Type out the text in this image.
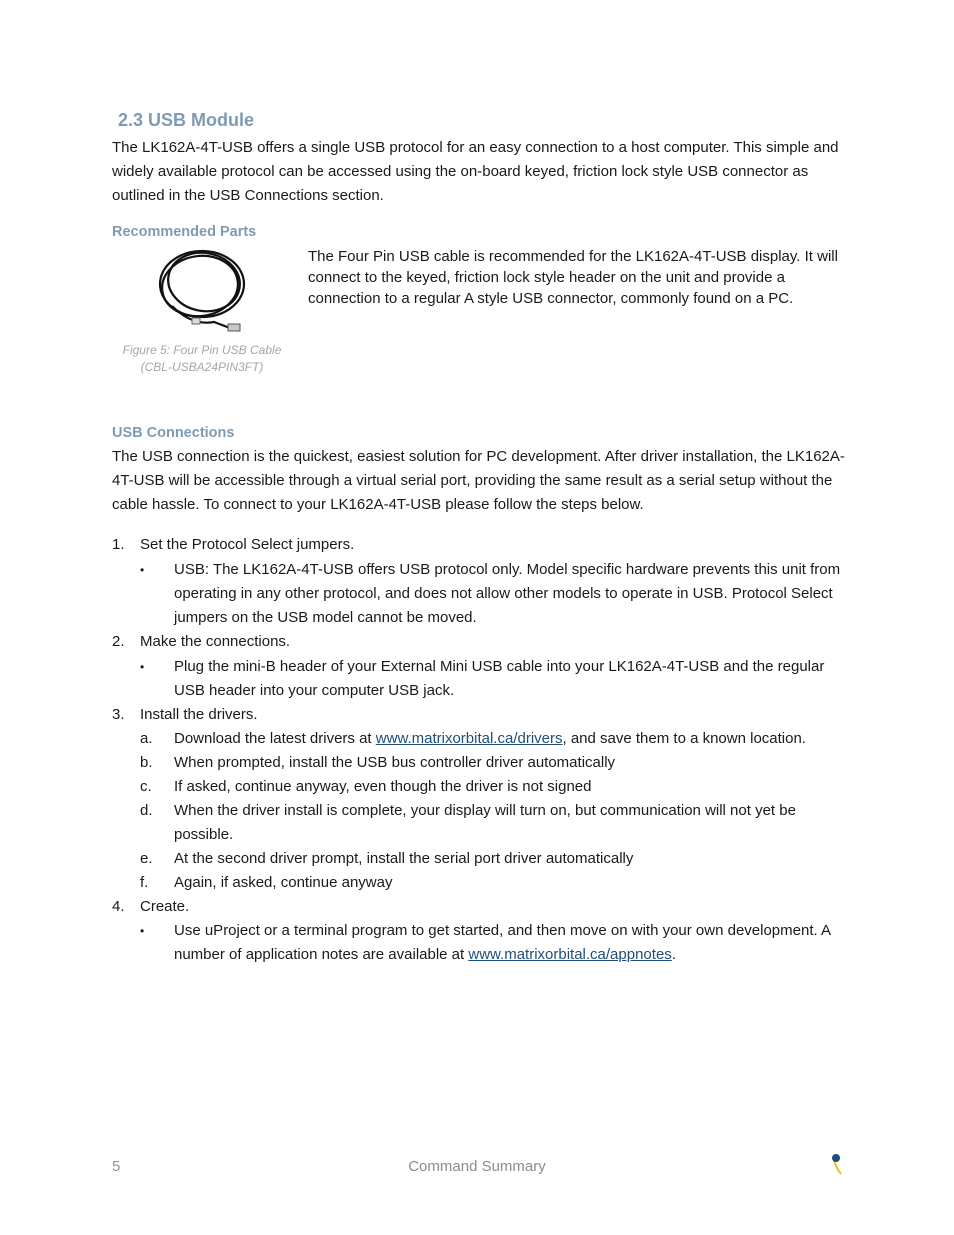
2.3 USB Module

The LK162A-4T-USB offers a single USB protocol for an easy connection to a host computer. This simple and widely available protocol can be accessed using the on-board keyed, friction lock style USB connector as outlined in the USB Connections section.

Recommended Parts
Figure 5: Four Pin USB Cable
(CBL-USBA24PIN3FT)

The Four Pin USB cable is recommended for the LK162A-4T-USB display. It will connect to the keyed, friction lock style header on the unit and provide a connection to a regular A style USB connector, commonly found on a PC.

USB Connections

The USB connection is the quickest, easiest solution for PC development. After driver installation, the LK162A-4T-USB will be accessible through a virtual serial port, providing the same result as a serial setup without the cable hassle. To connect to your LK162A-4T-USB please follow the steps below.

1. Set the Protocol Select jumpers.
• USB: The LK162A-4T-USB offers USB protocol only. Model specific hardware prevents this unit from operating in any other protocol, and does not allow other models to operate in USB. Protocol Select jumpers on the USB model cannot be moved.
2. Make the connections.
• Plug the mini-B header of your External Mini USB cable into your LK162A-4T-USB and the regular USB header into your computer USB jack.
3. Install the drivers.
a. Download the latest drivers at www.matrixorbital.ca/drivers, and save them to a known location.
b. When prompted, install the USB bus controller driver automatically
c. If asked, continue anyway, even though the driver is not signed
d. When the driver install is complete, your display will turn on, but communication will not yet be possible.
e. At the second driver prompt, install the serial port driver automatically
f. Again, if asked, continue anyway
4. Create.
• Use uProject or a terminal program to get started, and then move on with your own development. A number of application notes are available at www.matrixorbital.ca/appnotes.
5	Command Summary
